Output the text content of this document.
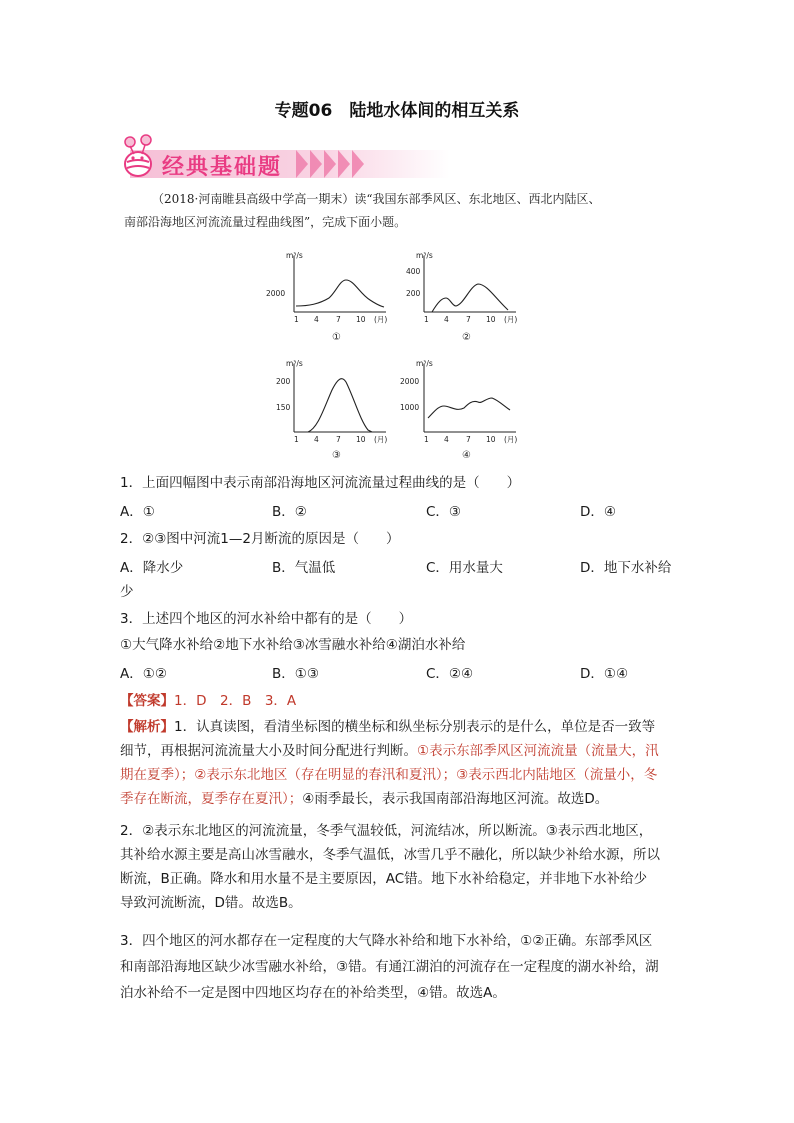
专题06　陆地水体间的相互关系
经典基础题
（2018·河南睢县高级中学高一期末）读“我国东部季风区、东北地区、西北内陆区、
南部沿海地区河流流量过程曲线图”，完成下面小题。
m³/s
2000
1 4 7 10 (月)
①
m³/s
400
200
1 4 7 10 (月)
②
m³/s
200
150
1 4 7 10 (月)
③
m³/s
2000
1000
1 4 7 10 (月)
④
1．上面四幅图中表示南部沿海地区河流流量过程曲线的是（　　）
A．①	B．②	C．③	D．④
2．②③图中河流1—2月断流的原因是（　　）
A．降水少	B．气温低	C．用水量大	D．地下水补给
少
3．上述四个地区的河水补给中都有的是（　　）
①大气降水补给②地下水补给③冰雪融水补给④湖泊水补给
A．①②	B．①③	C．②④	D．①④
【答案】1．D　2．B　3．A
【解析】1．认真读图，看清坐标图的横坐标和纵坐标分别表示的是什么，单位是否一致等
细节，再根据河流流量大小及时间分配进行判断。①表示东部季风区河流流量（流量大，汛
期在夏季）；②表示东北地区（存在明显的春汛和夏汛）；③表示西北内陆地区（流量小，冬
季存在断流，夏季存在夏汛）；④雨季最长，表示我国南部沿海地区河流。故选D。
2．②表示东北地区的河流流量，冬季气温较低，河流结冰，所以断流。③表示西北地区，
其补给水源主要是高山冰雪融水，冬季气温低，冰雪几乎不融化，所以缺少补给水源，所以
断流，B正确。降水和用水量不是主要原因，AC错。地下水补给稳定，并非地下水补给少
导致河流断流，D错。故选B。
3．四个地区的河水都存在一定程度的大气降水补给和地下水补给，①②正确。东部季风区
和南部沿海地区缺少冰雪融水补给，③错。有通江湖泊的河流存在一定程度的湖水补给，湖
泊水补给不一定是图中四地区均存在的补给类型，④错。故选A。
